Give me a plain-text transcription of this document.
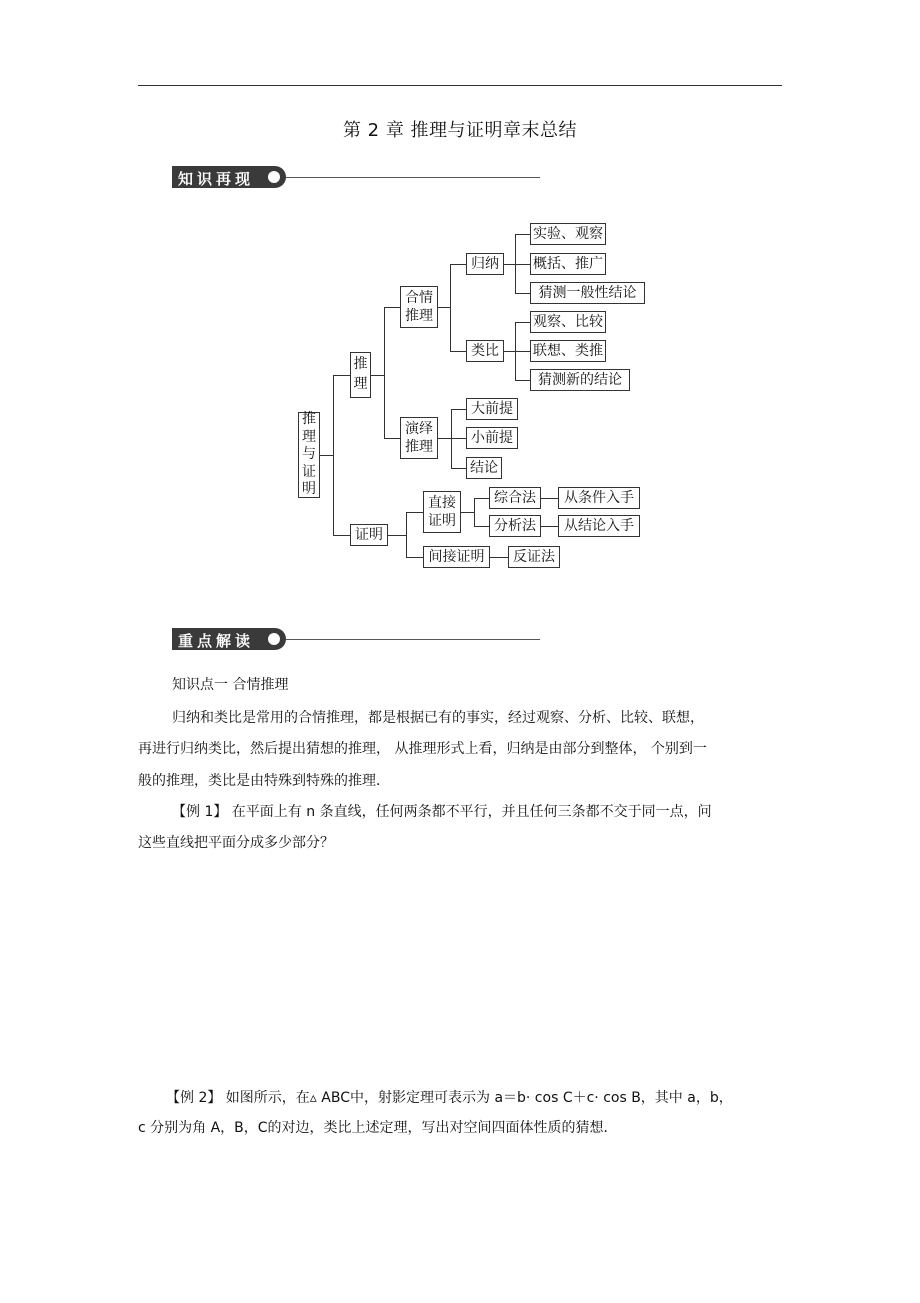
第 2 章 推理与证明章末总结
知识再现
推理与证明
推理
证明
合情推理
演绎推理
归纳
类比
实验、观察
概括、推广
猜测一般性结论
观察、比较
联想、类推
猜测新的结论
大前提
小前提
结论
直接证明
间接证明
综合法
分析法
从条件入手
从结论入手
反证法
重点解读
知识点一 合情推理
归纳和类比是常用的合情推理，都是根据已有的事实，经过观察、分析、比较、联想，
再进行归纳类比，然后提出猜想的推理， 从推理形式上看，归纳是由部分到整体， 个别到一
般的推理，类比是由特殊到特殊的推理．
【例 1】 在平面上有 n 条直线，任何两条都不平行，并且任何三条都不交于同一点，问
这些直线把平面分成多少部分？
【例 2】 如图所示，在▵ ABC中，射影定理可表示为 a＝b· cos C＋c· cos B，其中 a，b，
c 分别为角 A，B，C的对边，类比上述定理，写出对空间四面体性质的猜想．
